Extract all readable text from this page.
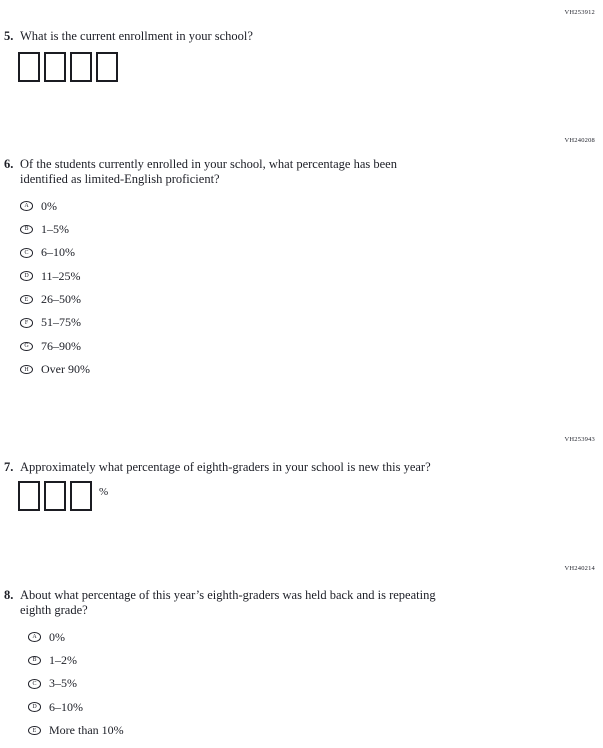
VH253912
5. What is the current enrollment in your school?
VH240208
6. Of the students currently enrolled in your school, what percentage has been
identified as limited-English proficient?
A 0%
B 1–5%
C 6–10%
D 11–25%
E 26–50%
F 51–75%
G 76–90%
H Over 90%
VH253943
7. Approximately what percentage of eighth-graders in your school is new this year?
%
VH240214
8. About what percentage of this year’s eighth-graders was held back and is repeating
eighth grade?
A 0%
B 1–2%
C 3–5%
D 6–10%
E More than 10%
